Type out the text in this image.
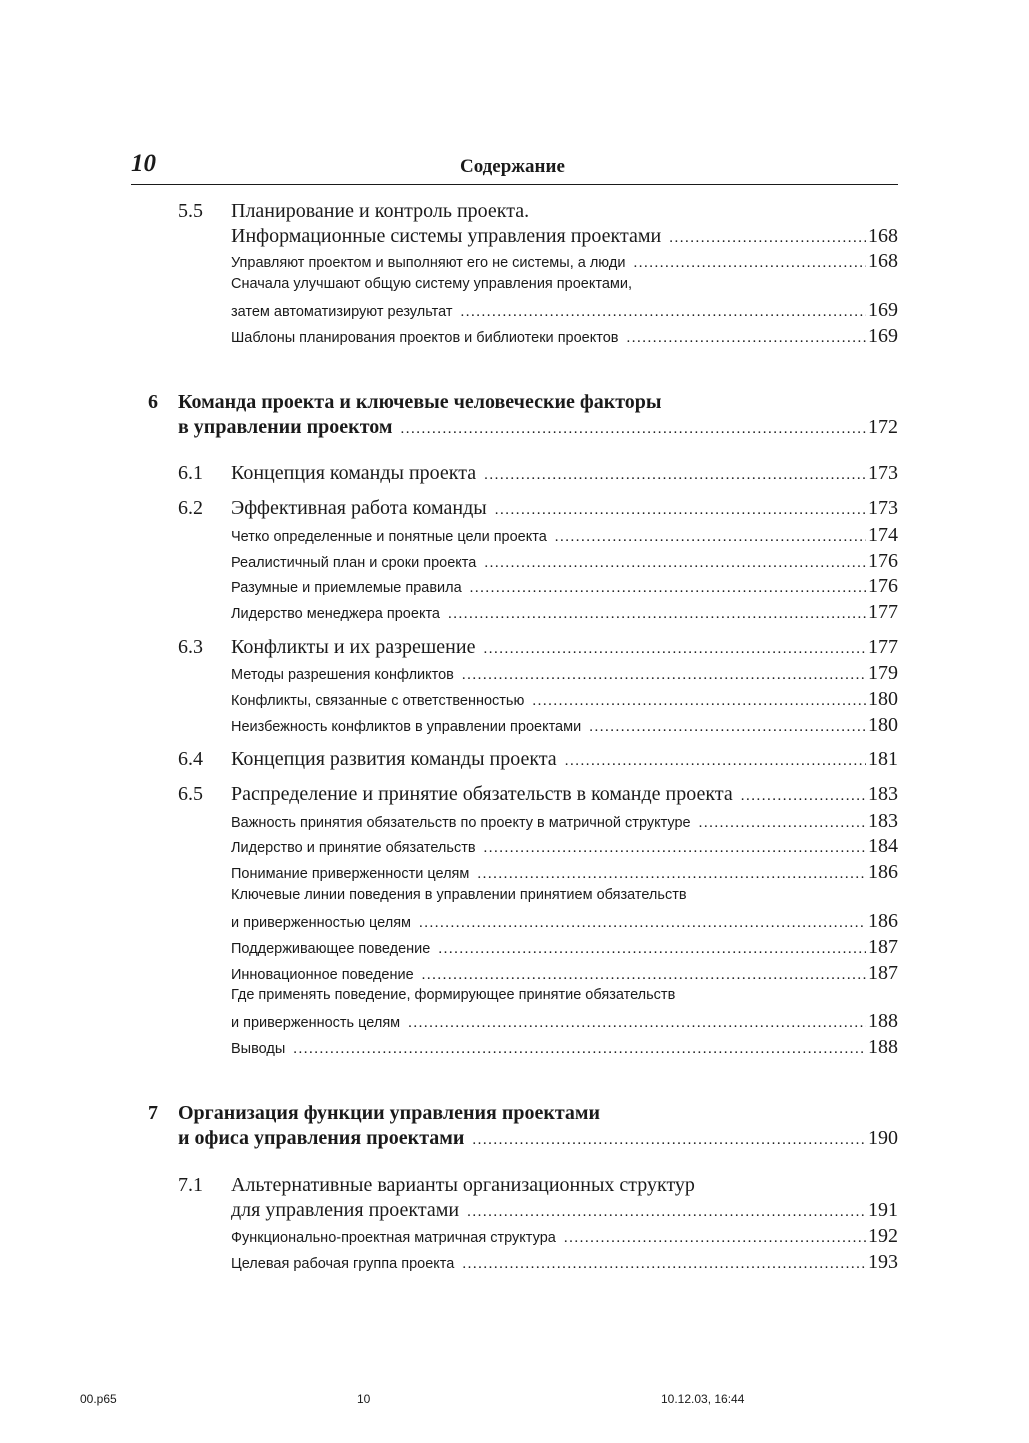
10	Содержание
5.5 Планирование и контроль проекта.
Информационные системы управления проектами .....	168
Управляют проектом и выполняют его не системы, а люди .....	168
Сначала улучшают общую систему управления проектами,
затем автоматизируют результат .....	169
Шаблоны планирования проектов и библиотеки проектов .....	169
6 Команда проекта и ключевые человеческие факторы
в управлении проектом .....	172
6.1 Концепция команды проекта .....	173
6.2 Эффективная работа команды .....	173
Четко определенные и понятные цели проекта .....	174
Реалистичный план и сроки проекта .....	176
Разумные и приемлемые правила .....	176
Лидерство менеджера проекта .....	177
6.3 Конфликты и их разрешение .....	177
Методы разрешения конфликтов .....	179
Конфликты, связанные с ответственностью .....	180
Неизбежность конфликтов в управлении проектами .....	180
6.4 Концепция развития команды проекта .....	181
6.5 Распределение и принятие обязательств в команде проекта .....	183
Важность принятия обязательств по проекту в матричной структуре .....	183
Лидерство и принятие обязательств .....	184
Понимание приверженности целям .....	186
Ключевые линии поведения в управлении принятием обязательств
и приверженностью целям .....	186
Поддерживающее поведение .....	187
Инновационное поведение .....	187
Где применять поведение, формирующее принятие обязательств
и приверженность целям .....	188
Выводы .....	188
7 Организация функции управления проектами
и офиса управления проектами .....	190
7.1 Альтернативные варианты организационных структур
для управления проектами .....	191
Функционально-проектная матричная структура .....	192
Целевая рабочая группа проекта .....	193
00.p65	10	10.12.03, 16:44
